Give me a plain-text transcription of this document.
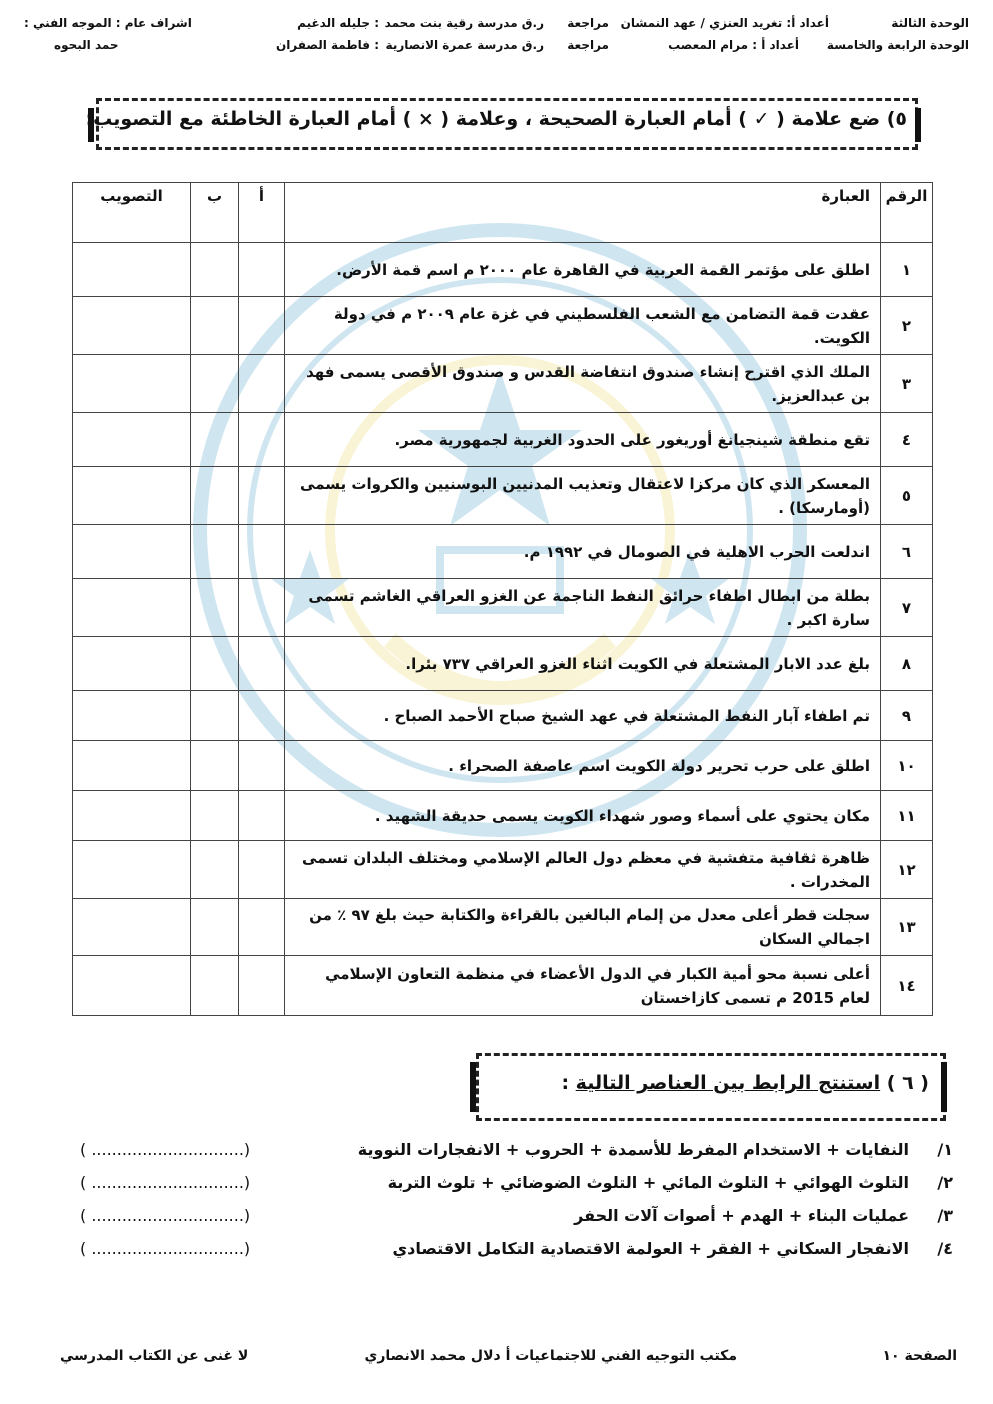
الوحدة الثالثة
أعداد أ: تغريد العنزي / عهد النمشان
مراجعة
ر.ق مدرسة رقية بنت محمد
: جليله الدغيم
اشراف عام : الموجه الفني :
الوحدة الرابعة والخامسة
أعداد أ : مرام المعصب
مراجعة
ر.ق مدرسة عمرة الانصارية
: فاطمة الصفران
حمد البحوه
٥) ضع علامة ( ✓ ) أمام العبارة الصحيحة ، وعلامة ( × ) أمام العبارة الخاطئة مع التصويب:
الرقم	العبارة	أ	ب	التصويب
١	اطلق على مؤتمر القمة العربية في القاهرة عام ٢٠٠٠ م اسم قمة الأرض.			
٢	عقدت قمة التضامن مع الشعب الفلسطيني في غزة عام ٢٠٠٩ م في دولة الكويت.			
٣	الملك الذي اقترح إنشاء صندوق انتفاضة القدس و صندوق الأقصى يسمى فهد بن عبدالعزيز.			
٤	تقع منطقة شينجيانغ أوريغور على الحدود الغربية لجمهورية مصر.			
٥	المعسكر الذي كان مركزا لاعتقال وتعذيب المدنيين البوسنيين والكروات يسمى (أومارسكا) .			
٦	اندلعت الحرب الاهلية في الصومال في ١٩٩٢ م.			
٧	بطلة من ابطال اطفاء حرائق النفط الناجمة عن الغزو العراقي الغاشم تسمى سارة اكبر .			
٨	بلغ عدد الابار المشتعلة في الكويت اثناء الغزو العراقي ٧٣٧ بئرا.			
٩	تم اطفاء آبار النفط المشتعلة في عهد الشيخ صباح الأحمد الصباح .			
١٠	اطلق على حرب تحرير دولة الكويت اسم عاصفة الصحراء .			
١١	مكان يحتوي على أسماء وصور شهداء الكويت يسمى حديقة الشهيد .			
١٢	ظاهرة ثقافية متفشية في معظم دول العالم الإسلامي ومختلف البلدان تسمى المخدرات .			
١٣	سجلت قطر أعلى معدل من إلمام البالغين بالقراءة والكتابة حيث بلغ ٩٧ ٪ من اجمالي السكان			
١٤	أعلى نسبة محو أمية الكبار في الدول الأعضاء في منظمة التعاون الإسلامي لعام 2015 م تسمى كازاخستان			
( ٦ ) استنتج الرابط بين العناصر التالية :
١/
النفايات + الاستخدام المفرط للأسمدة + الحروب + الانفجارات النووية
(.............................. )
٢/
التلوث الهوائي + التلوث المائي + التلوث الضوضائي + تلوث التربة
(.............................. )
٣/
عمليات البناء + الهدم + أصوات آلات الحفر
(.............................. )
٤/
الانفجار السكاني + الفقر + العولمة الاقتصادية التكامل الاقتصادي
(.............................. )
الصفحة ١٠
مكتب التوجيه الفني للاجتماعيات أ دلال محمد الانصاري
لا غنى عن الكتاب المدرسي
